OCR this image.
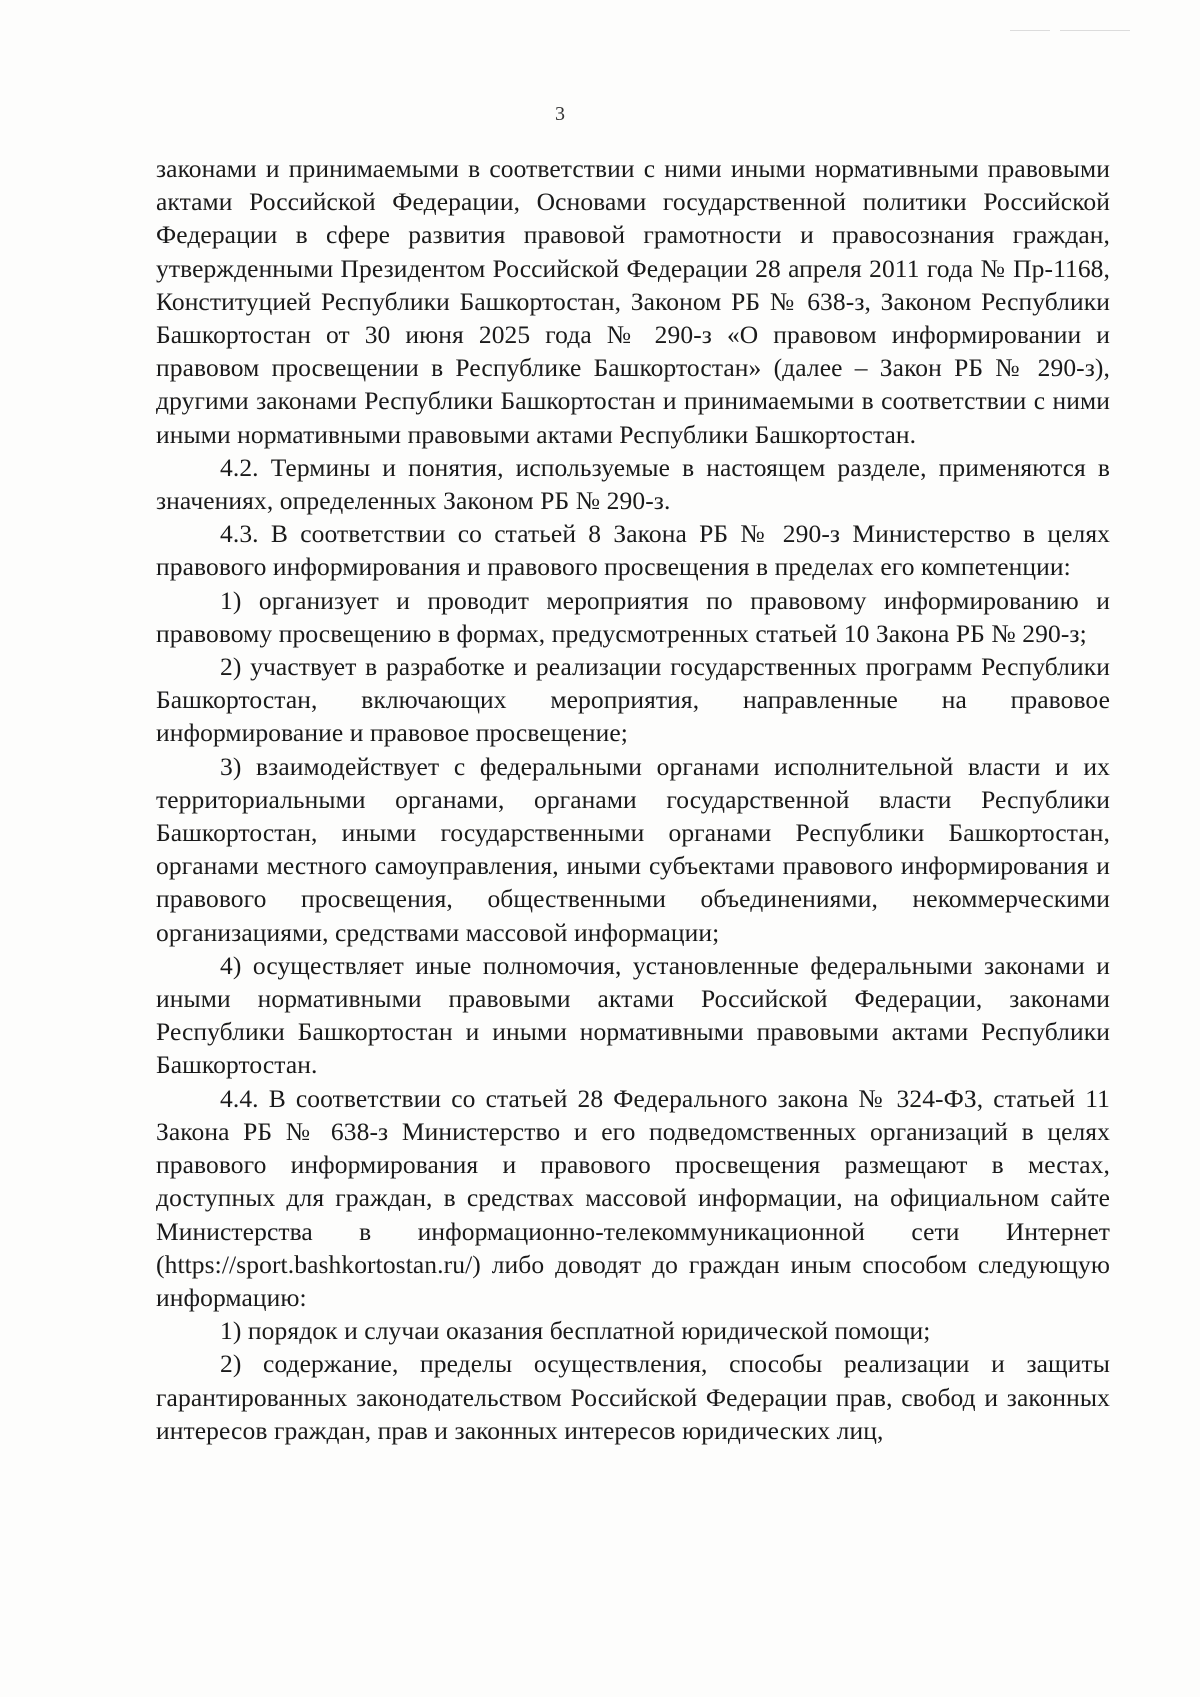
3

законами и принимаемыми в соответствии с ними иными нормативными правовыми актами Российской Федерации, Основами государственной политики Российской Федерации в сфере развития правовой грамотности и правосознания граждан, утвержденными Президентом Российской Федерации 28 апреля 2011 года № Пр-1168, Конституцией Республики Башкортостан, Законом РБ № 638-з, Законом Республики Башкортостан от 30 июня 2025 года № 290-з «О правовом информировании и правовом просвещении в Республике Башкортостан» (далее – Закон РБ № 290-з), другими законами Республики Башкортостан и принимаемыми в соответствии с ними иными нормативными правовыми актами Республики Башкортостан.

4.2. Термины и понятия, используемые в настоящем разделе, применяются в значениях, определенных Законом РБ № 290-з.

4.3. В соответствии со статьей 8 Закона РБ № 290-з Министерство в целях правового информирования и правового просвещения в пределах его компетенции:

1) организует и проводит мероприятия по правовому информированию и правовому просвещению в формах, предусмотренных статьей 10 Закона РБ № 290-з;

2) участвует в разработке и реализации государственных программ Республики Башкортостан, включающих мероприятия, направленные на правовое информирование и правовое просвещение;

3) взаимодействует с федеральными органами исполнительной власти и их территориальными органами, органами государственной власти Республики Башкортостан, иными государственными органами Республики Башкортостан, органами местного самоуправления, иными субъектами правового информирования и правового просвещения, общественными объединениями, некоммерческими организациями, средствами массовой информации;

4) осуществляет иные полномочия, установленные федеральными законами и иными нормативными правовыми актами Российской Федерации, законами Республики Башкортостан и иными нормативными правовыми актами Республики Башкортостан.

4.4. В соответствии со статьей 28 Федерального закона № 324-ФЗ, статьей 11 Закона РБ № 638-з Министерство и его подведомственных организаций в целях правового информирования и правового просвещения размещают в местах, доступных для граждан, в средствах массовой информации, на официальном сайте Министерства в информационно-телекоммуникационной сети Интернет (https://sport.bashkortostan.ru/) либо доводят до граждан иным способом следующую информацию:

1) порядок и случаи оказания бесплатной юридической помощи;

2) содержание, пределы осуществления, способы реализации и защиты гарантированных законодательством Российской Федерации прав, свобод и законных интересов граждан, прав и законных интересов юридических лиц,
